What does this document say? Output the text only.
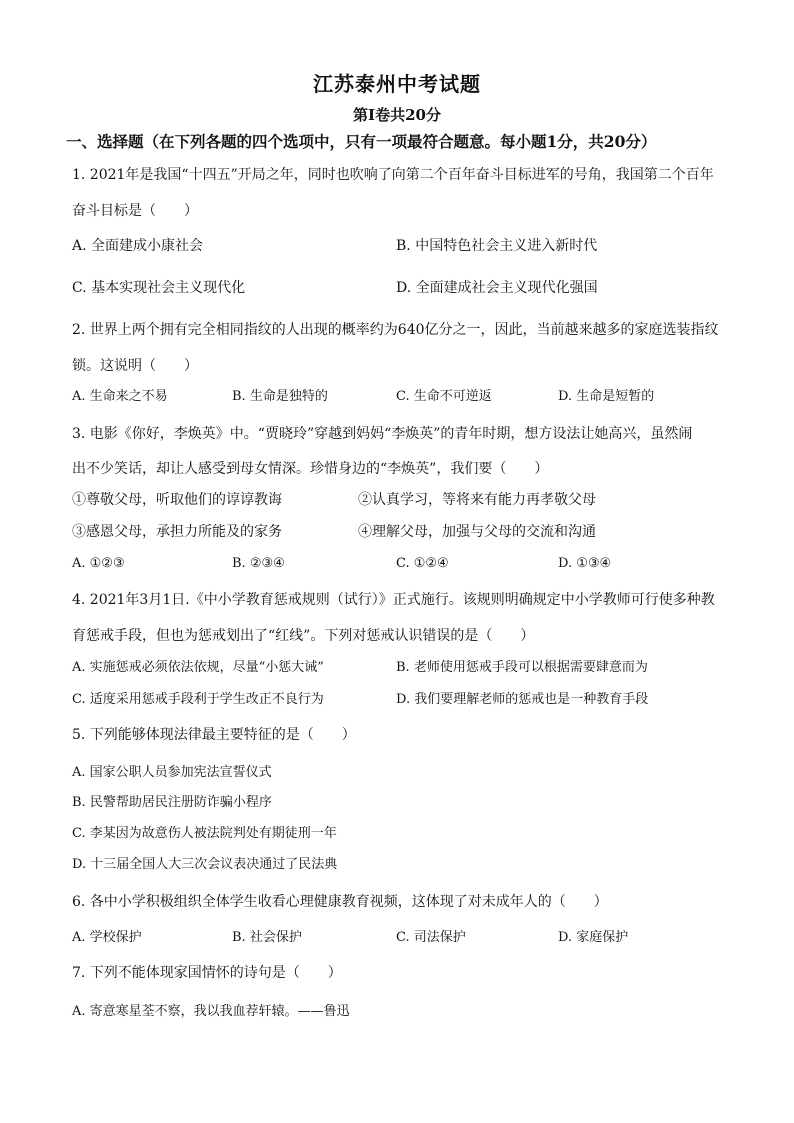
江苏泰州中考试题
第Ⅰ卷共20分
一、选择题（在下列各题的四个选项中，只有一项最符合题意。每小题1分，共20分）
1. 2021年是我国“十四五”开局之年，同时也吹响了向第二个百年奋斗目标进军的号角，我国第二个百年
奋斗目标是（　　）
A. 全面建成小康社会	B. 中国特色社会主义进入新时代
C. 基本实现社会主义现代化	D. 全面建成社会主义现代化强国
2. 世界上两个拥有完全相同指纹的人出现的概率约为640亿分之一，因此，当前越来越多的家庭选装指纹
锁。这说明（　　）
A. 生命来之不易	B. 生命是独特的	C. 生命不可逆返	D. 生命是短暂的
3. 电影《你好，李焕英》中。“贾晓玲”穿越到妈妈“李焕英”的青年时期，想方设法让她高兴，虽然闹
出不少笑话，却让人感受到母女情深。珍惜身边的“李焕英”，我们要（　　）
①尊敬父母，听取他们的谆谆教诲	②认真学习，等将来有能力再孝敬父母
③感恩父母，承担力所能及的家务	④理解父母，加强与父母的交流和沟通
A. ①②③	B. ②③④	C. ①②④	D. ①③④
4. 2021年3月1日.《中小学教育惩戒规则（试行）》正式施行。该规则明确规定中小学教师可行使多种教
育惩戒手段，但也为惩戒划出了“红线”。下列对惩戒认识错误的是（　　）
A. 实施惩戒必须依法依规，尽量“小惩大诫”	B. 老师使用惩戒手段可以根据需要肆意而为
C. 适度采用惩戒手段利于学生改正不良行为	D. 我们要理解老师的惩戒也是一种教育手段
5. 下列能够体现法律最主要特征的是（　　）
A. 国家公职人员参加宪法宣誓仪式
B. 民警帮助居民注册防诈骗小程序
C. 李某因为故意伤人被法院判处有期徒刑一年
D. 十三届全国人大三次会议表决通过了民法典
6. 各中小学积极组织全体学生收看心理健康教育视频，这体现了对未成年人的（　　）
A. 学校保护	B. 社会保护	C. 司法保护	D. 家庭保护
7. 下列不能体现家国情怀的诗句是（　　）
A. 寄意寒星荃不察，我以我血荐轩辕。——鲁迅
